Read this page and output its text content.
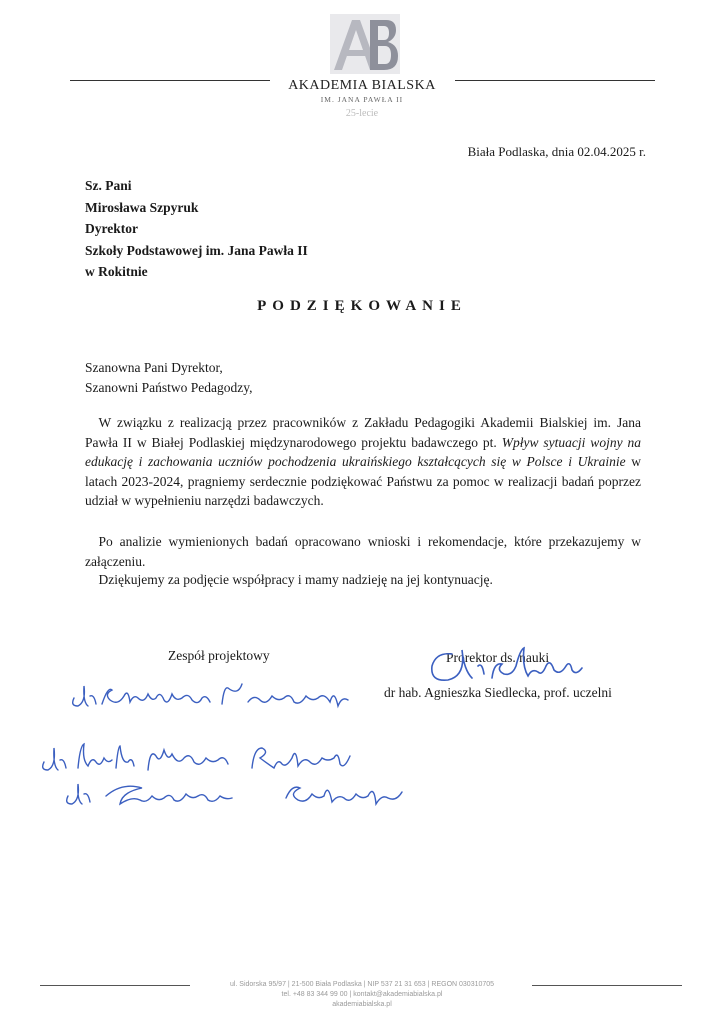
AKADEMIA BIALSKA
IM. JANA PAWŁA II
25-lecie
Biała Podlaska, dnia 02.04.2025 r.
Sz. Pani
Mirosława Szpyruk
Dyrektor
Szkoły Podstawowej im. Jana Pawła II
w Rokitnie
PODZIĘKOWANIE
Szanowna Pani Dyrektor,
Szanowni Państwo Pedagodzy,

 W związku z realizacją przez pracowników z Zakładu Pedagogiki Akademii Bialskiej im. Jana Pawła II w Białej Podlaskiej międzynarodowego projektu badawczego pt. Wpływ sytuacji wojny na edukację i zachowania uczniów pochodzenia ukraińskiego kształcących się w Polsce i Ukrainie w latach 2023-2024, pragniemy serdecznie podziękować Państwu za pomoc w realizacji badań poprzez udział w wypełnieniu narzędzi badawczych.

 Po analizie wymienionych badań opracowano wnioski i rekomendacje, które przekazujemy w załączeniu.

 Dziękujemy za podjęcie współpracy i mamy nadzieję na jej kontynuację.

Zespół projektowy	Prorektor ds. nauki
dr hab. Agnieszka Siedlecka, prof. uczelni
ul. Sidorska 95/97 | 21-500 Biała Podlaska | NIP 537 21 31 653 | REGON 030310705
tel. +48 83 344 99 00 | kontakt@akademiabialska.pl
akademiabialska.pl
